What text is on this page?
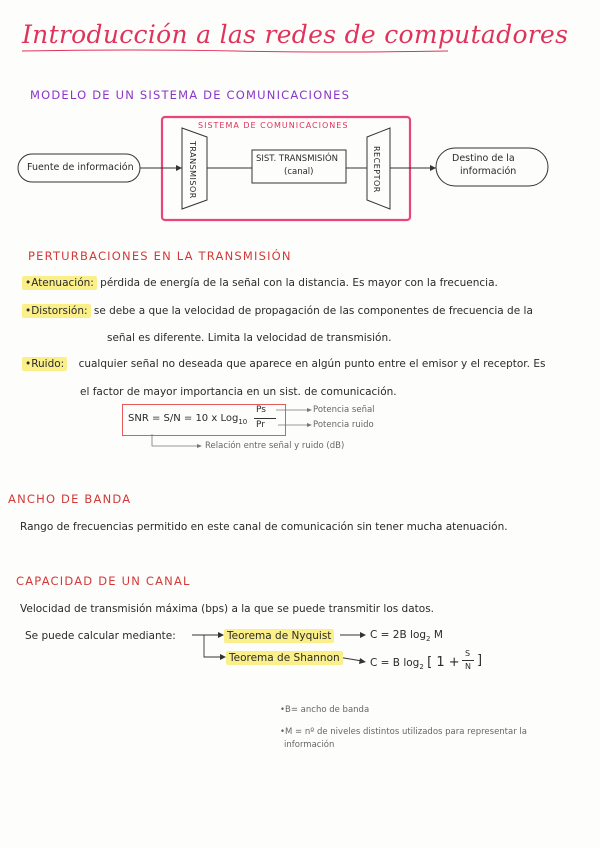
Introducción a las redes de computadores
MODELO DE UN SISTEMA DE COMUNICACIONES
SISTEMA DE COMUNICACIONES
Fuente de información	TRANSMISOR	SIST. TRANSMISIÓN
(canal)	RECEPTOR	Destino de la
información
PERTURBACIONES EN LA TRANSMISIÓN
•Atenuación: pérdida de energía de la señal con la distancia. Es mayor con la frecuencia.
•Distorsión: se debe a que la velocidad de propagación de las componentes de frecuencia de la
señal es diferente. Limita la velocidad de transmisión.
•Ruido: cualquier señal no deseada que aparece en algún punto entre el emisor y el receptor. Es
el factor de mayor importancia en un sist. de comunicación.
SNR = S/N = 10 x Log$_{10}$
Ps
Pr
Potencia señal
Potencia ruido
Relación entre señal y ruido (dB)
ANCHO DE BANDA
Rango de frecuencias permitido en este canal de comunicación sin tener mucha atenuación.
CAPACIDAD DE UN CANAL
Velocidad de transmisión máxima (bps) a la que se puede transmitir los datos.
Se puede calcular mediante:	Teorema de Nyquist	C = 2B $\log_2 M$
Teorema de Shannon	C = B $\log_2$ [ 1 +
S
N ]
•B= ancho de banda
•M = nº de niveles distintos utilizados para representar la
información
